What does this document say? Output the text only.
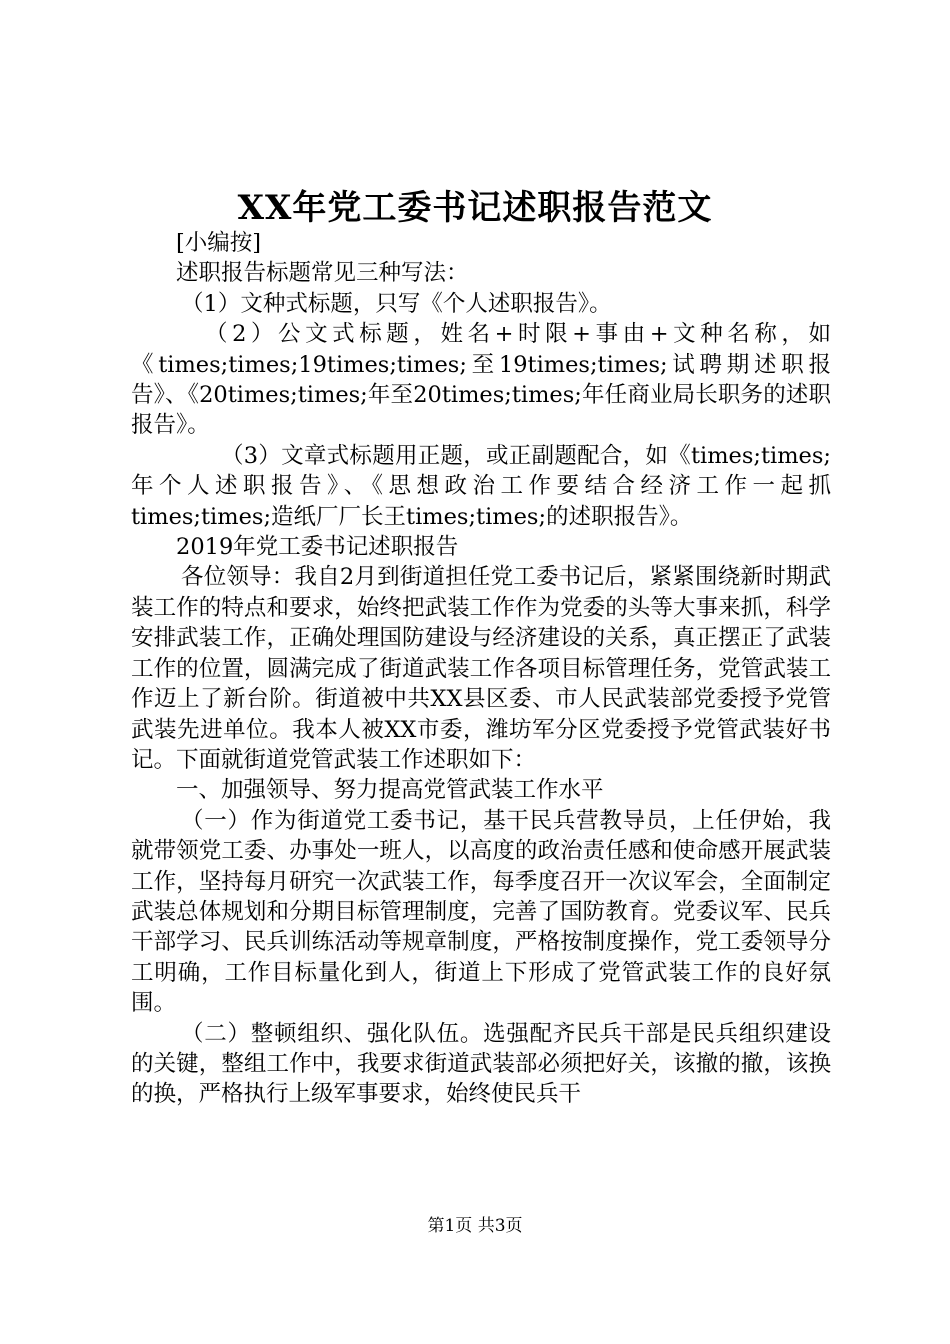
XX年党工委书记述职报告范文

[小编按]

述职报告标题常见三种写法：

（1）文种式标题，只写《个人述职报告》。

（2）公文式标题，姓名+时限+事由+文种名称，如《times;times;19times;times;至19times;times;试聘期述职报告》、《20times;times;年至20times;times;年任商业局长职务的述职报告》。

（3）文章式标题用正题，或正副题配合，如《times;times;年个人述职报告》、《思想政治工作要结合经济工作一起抓times;times;造纸厂厂长王times;times;的述职报告》。

2019年党工委书记述职报告

各位领导：我自2月到街道担任党工委书记后，紧紧围绕新时期武装工作的特点和要求，始终把武装工作作为党委的头等大事来抓，科学安排武装工作，正确处理国防建设与经济建设的关系，真正摆正了武装工作的位置，圆满完成了街道武装工作各项目标管理任务，党管武装工作迈上了新台阶。街道被中共XX县区委、市人民武装部党委授予党管武装先进单位。我本人被XX市委，潍坊军分区党委授予党管武装好书记。下面就街道党管武装工作述职如下：

一、加强领导、努力提高党管武装工作水平

（一）作为街道党工委书记，基干民兵营教导员，上任伊始，我就带领党工委、办事处一班人，以高度的政治责任感和使命感开展武装工作，坚持每月研究一次武装工作，每季度召开一次议军会，全面制定武装总体规划和分期目标管理制度，完善了国防教育。党委议军、民兵干部学习、民兵训练活动等规章制度，严格按制度操作，党工委领导分工明确，工作目标量化到人，街道上下形成了党管武装工作的良好氛围。

（二）整顿组织、强化队伍。选强配齐民兵干部是民兵组织建设的关键，整组工作中，我要求街道武装部必须把好关，该撤的撤，该换的换，严格执行上级军事要求，始终使民兵干

第1页 共3页
